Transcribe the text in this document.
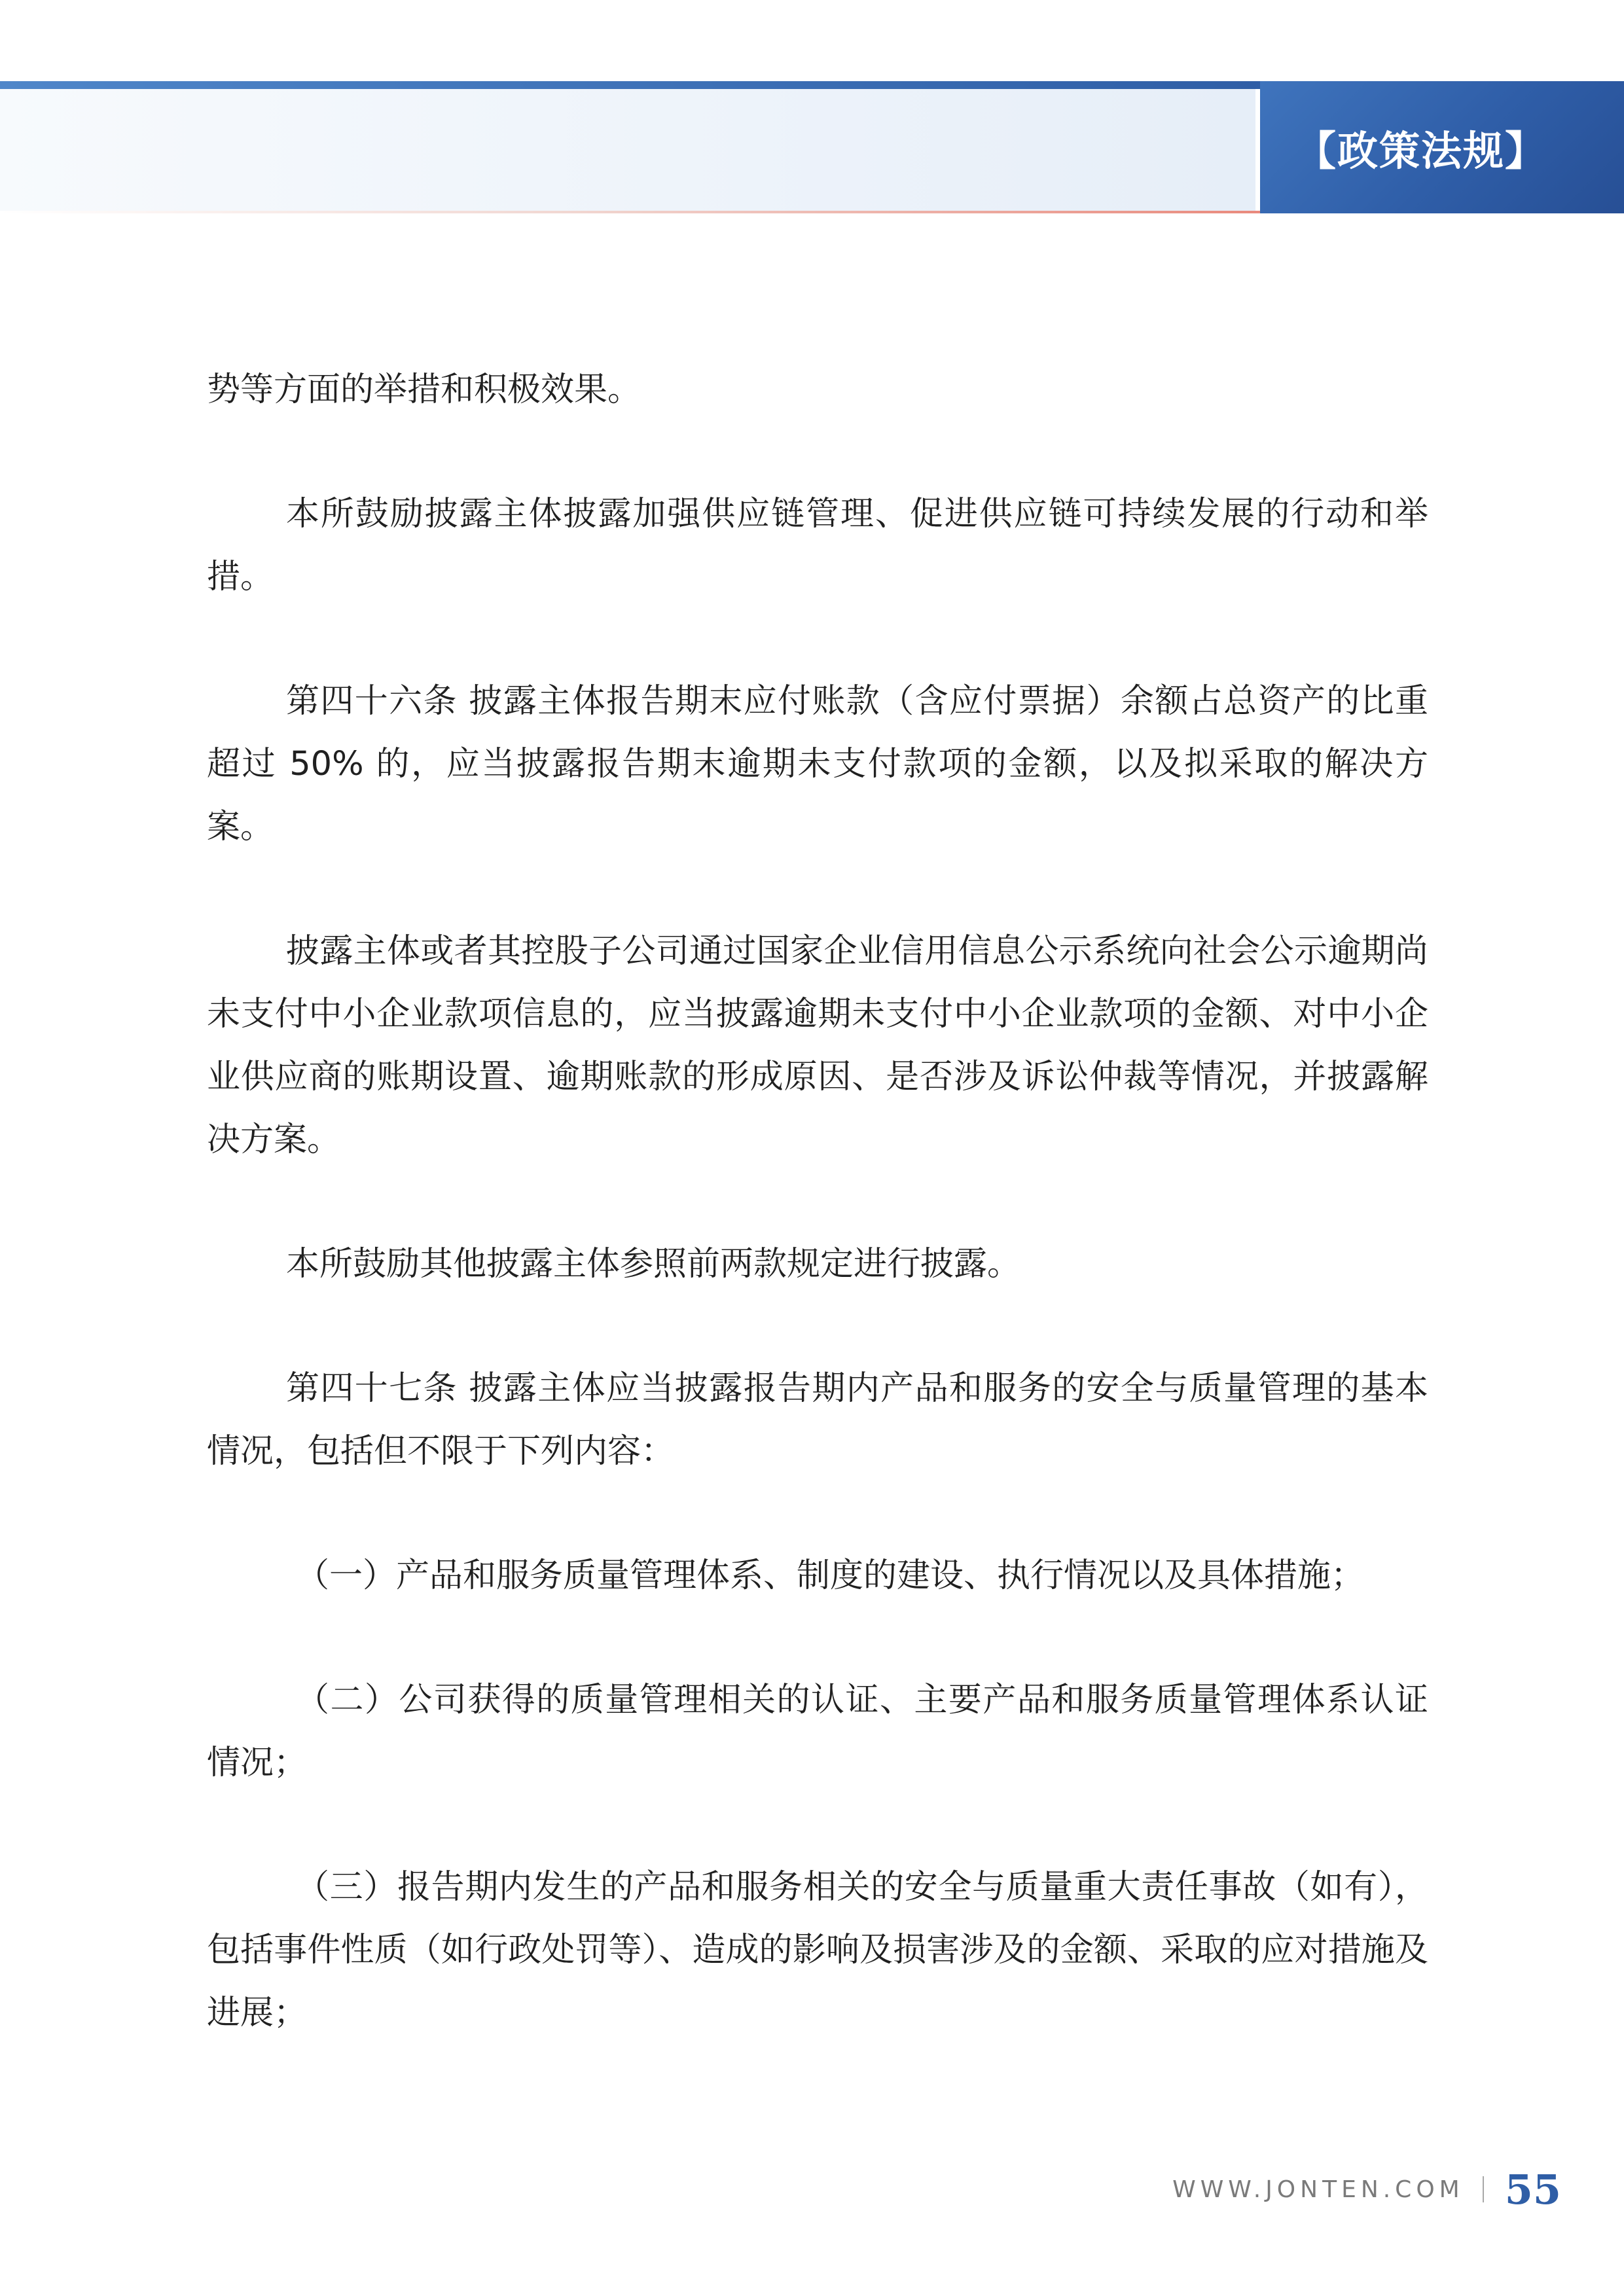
【政策法规】

势等方面的举措和积极效果。

本所鼓励披露主体披露加强供应链管理、促进供应链可持续发展的行动和举措。

第四十六条 披露主体报告期末应付账款（含应付票据）余额占总资产的比重超过 50% 的，应当披露报告期末逾期未支付款项的金额，以及拟采取的解决方案。

披露主体或者其控股子公司通过国家企业信用信息公示系统向社会公示逾期尚未支付中小企业款项信息的，应当披露逾期未支付中小企业款项的金额、对中小企业供应商的账期设置、逾期账款的形成原因、是否涉及诉讼仲裁等情况，并披露解决方案。

本所鼓励其他披露主体参照前两款规定进行披露。

第四十七条 披露主体应当披露报告期内产品和服务的安全与质量管理的基本情况，包括但不限于下列内容：

（一）产品和服务质量管理体系、制度的建设、执行情况以及具体措施；

（二）公司获得的质量管理相关的认证、主要产品和服务质量管理体系认证情况；

（三）报告期内发生的产品和服务相关的安全与质量重大责任事故（如有），包括事件性质（如行政处罚等）、造成的影响及损害涉及的金额、采取的应对措施及进展；

WWW.JONTEN.COM 55
